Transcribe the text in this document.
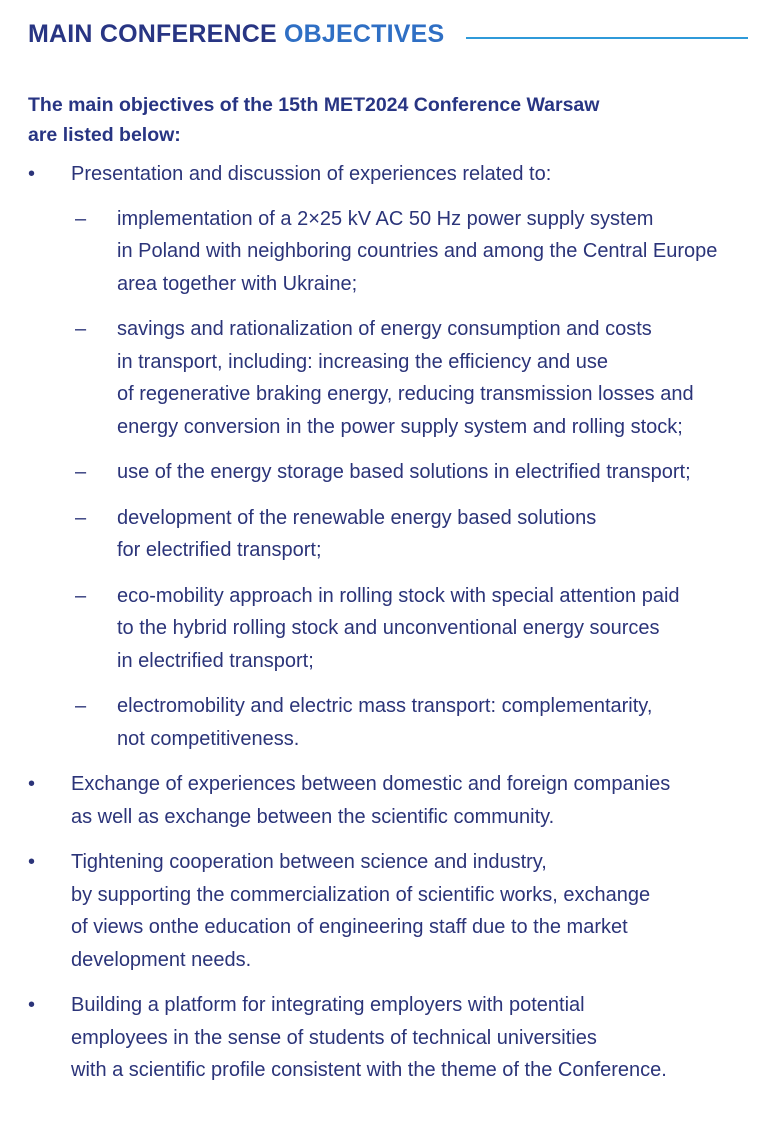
MAIN CONFERENCE OBJECTIVES
The main objectives of the 15th MET2024 Conference Warsaw
are listed below:
• Presentation and discussion of experiences related to:
– implementation of a 2×25 kV AC 50 Hz power supply system
in Poland with neighboring countries and among the Central Europe
area together with Ukraine;
– savings and rationalization of energy consumption and costs
in transport, including: increasing the efficiency and use
of regenerative braking energy, reducing transmission losses and
energy conversion in the power supply system and rolling stock;
– use of the energy storage based solutions in electrified transport;
– development of the renewable energy based solutions
for electrified transport;
– eco-mobility approach in rolling stock with special attention paid
to the hybrid rolling stock and unconventional energy sources
in electrified transport;
– electromobility and electric mass transport: complementarity,
not competitiveness.
• Exchange of experiences between domestic and foreign companies
as well as exchange between the scientific community.
• Tightening cooperation between science and industry,
by supporting the commercialization of scientific works, exchange
of views onthe education of engineering staff due to the market
development needs.
• Building a platform for integrating employers with potential
employees in the sense of students of technical universities
with a scientific profile consistent with the theme of the Conference.
